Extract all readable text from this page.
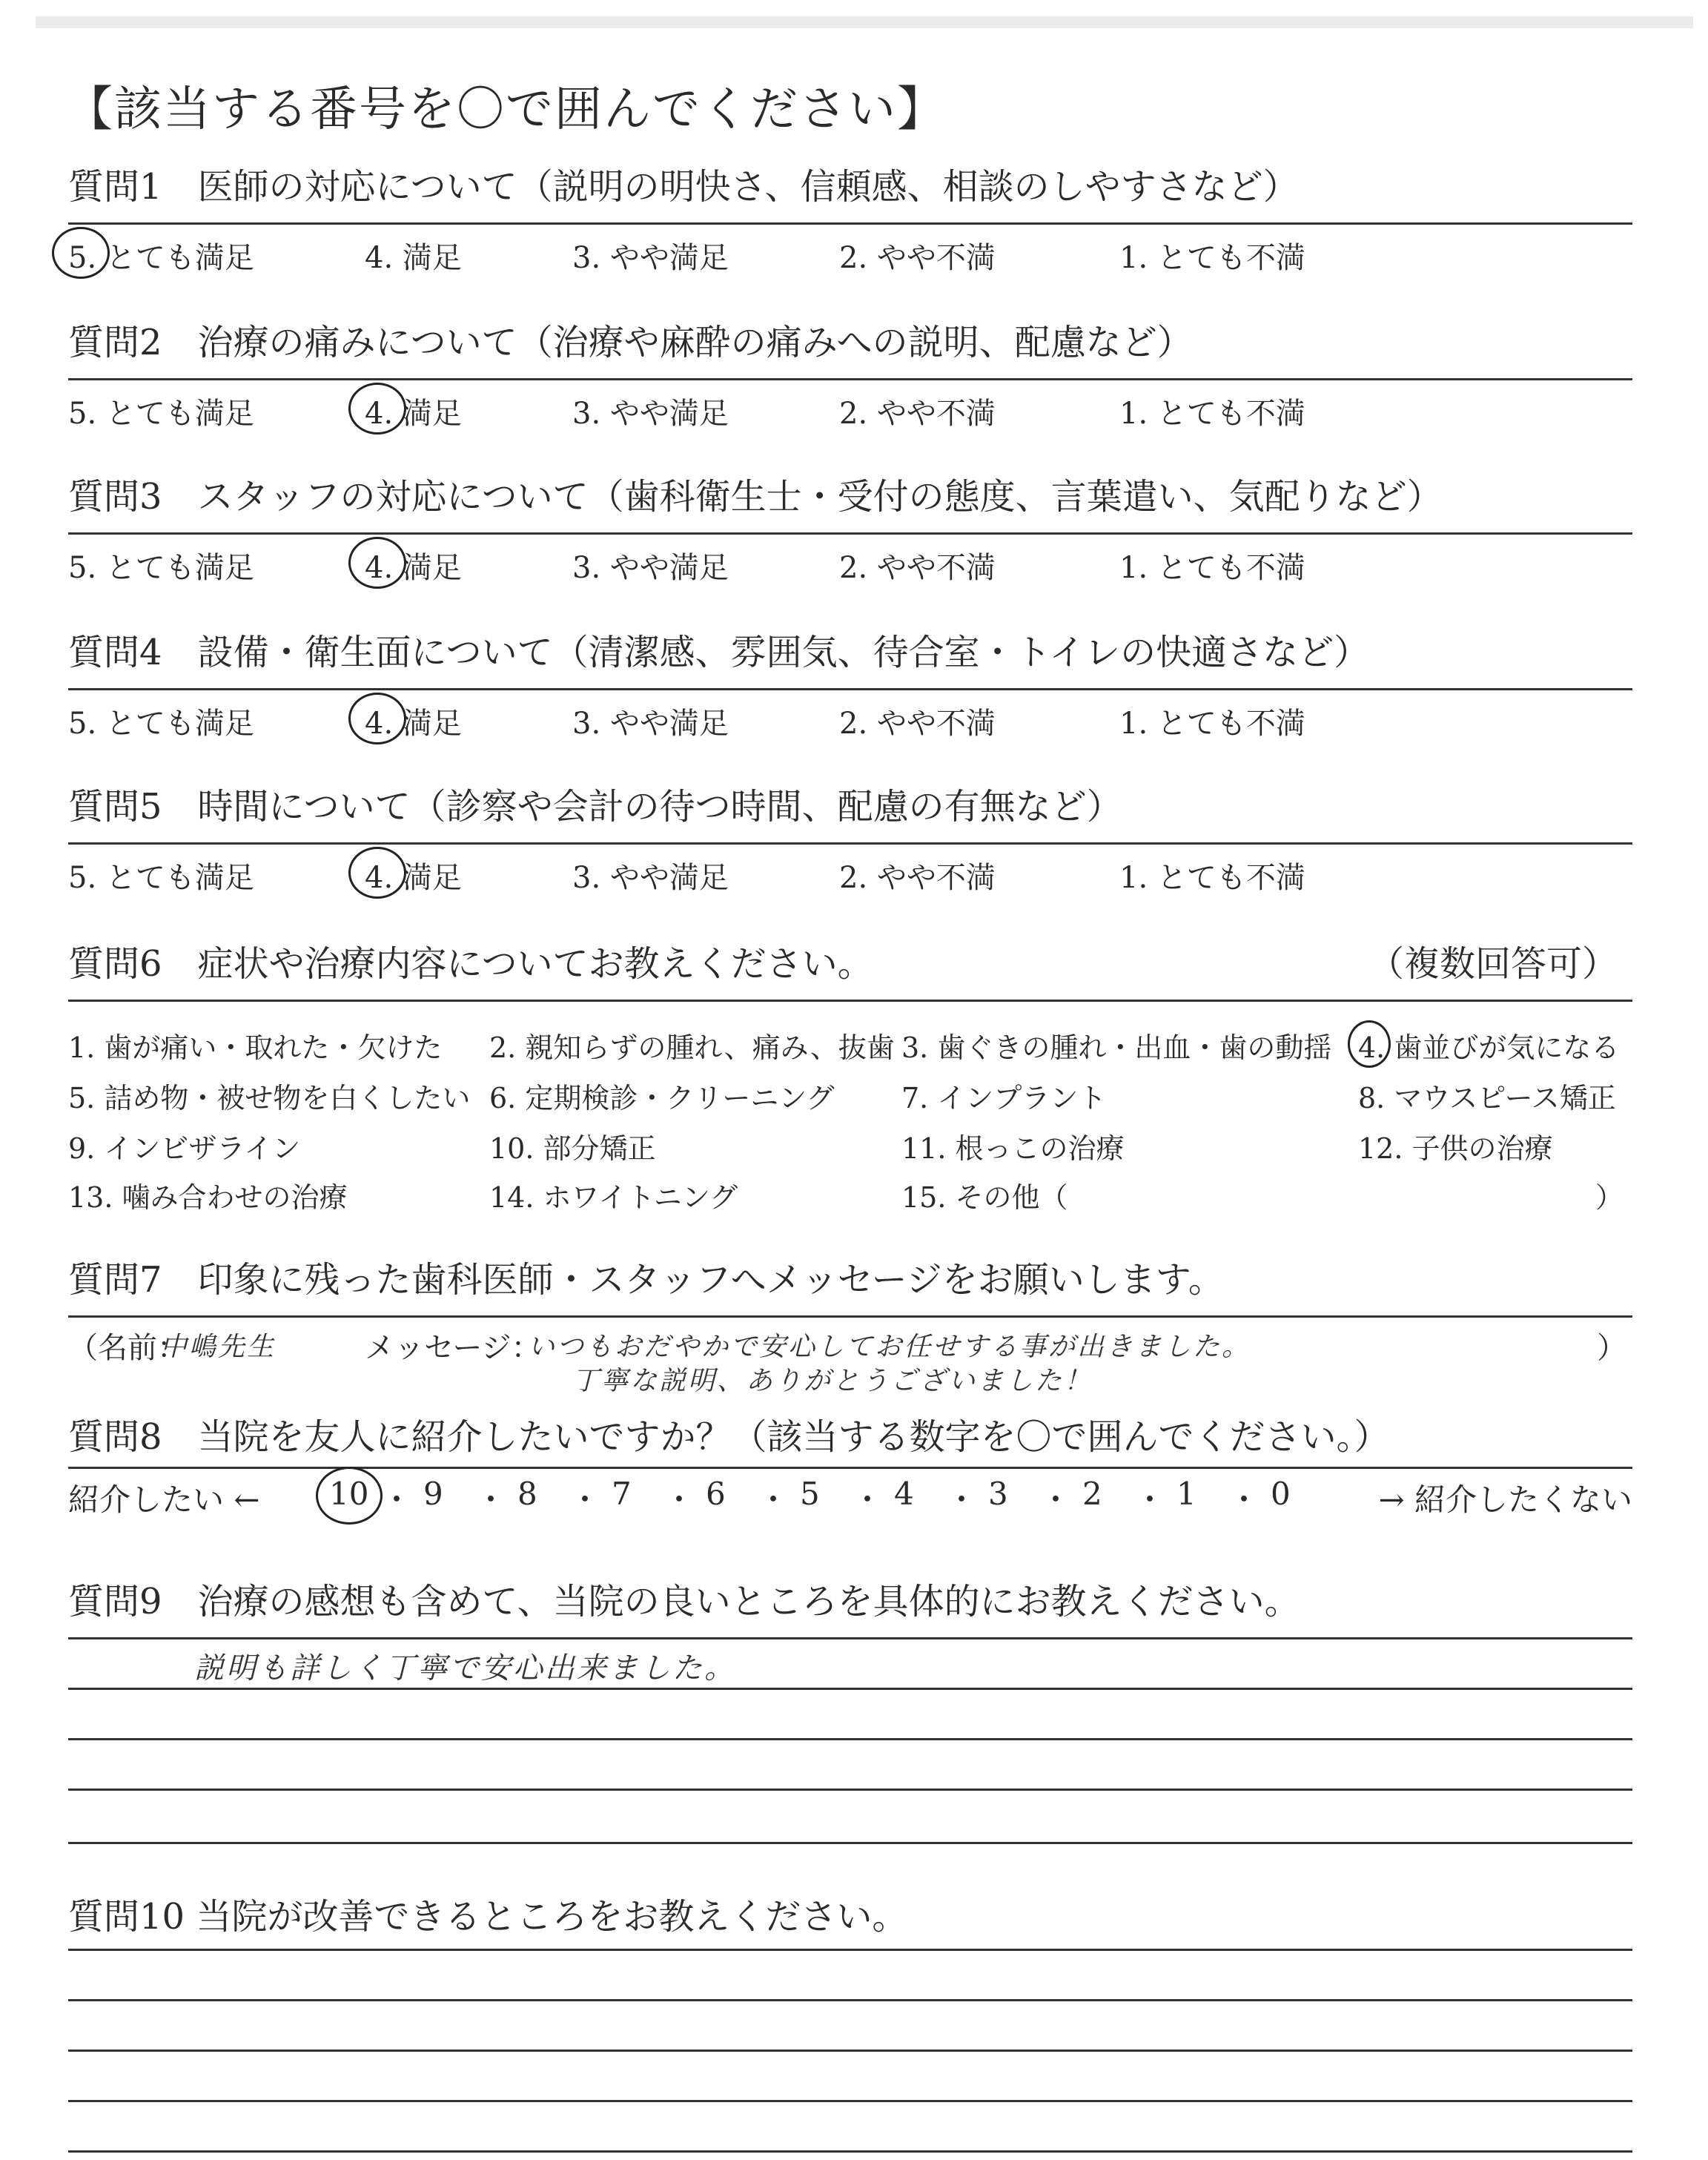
【該当する番号を〇で囲んでください】
質問1　医師の対応について（説明の明快さ、信頼感、相談のしやすさなど）
5. とても満足	4. 満足	3. やや満足	2. やや不満	1. とても不満
質問2　治療の痛みについて（治療や麻酔の痛みへの説明、配慮など）
5. とても満足	4. 満足	3. やや満足	2. やや不満	1. とても不満
質問3　スタッフの対応について（歯科衛生士・受付の態度、言葉遣い、気配りなど）
5. とても満足	4. 満足	3. やや満足	2. やや不満	1. とても不満
質問4　設備・衛生面について（清潔感、雰囲気、待合室・トイレの快適さなど）
5. とても満足	4. 満足	3. やや満足	2. やや不満	1. とても不満
質問5　時間について（診察や会計の待つ時間、配慮の有無など）
5. とても満足	4. 満足	3. やや満足	2. やや不満	1. とても不満
質問6　症状や治療内容についてお教えください。	（複数回答可）
1. 歯が痛い・取れた・欠けた 2. 親知らずの腫れ、痛み、抜歯 3. 歯ぐきの腫れ・出血・歯の動揺 4. 歯並びが気になる
5. 詰め物・被せ物を白くしたい 6. 定期検診・クリーニング 7. インプラント	8. マウスピース矯正
9. インビザライン	10. 部分矯正	11. 根っこの治療	12. 子供の治療
13. 噛み合わせの治療	14. ホワイトニング	15. その他（	）
質問7　印象に残った歯科医師・スタッフへメッセージをお願いします。
（名前：
中嶋先生	メッセージ：
いつもおだやかで安心してお任せする事が出きました。
丁寧な説明、ありがとうございました！
）
質問8　当院を友人に紹介したいですか？（該当する数字を〇で囲んでください。）
紹介したい ← 10 ・ 9 ・ 8 ・ 7 ・ 6 ・ 5 ・ 4 ・ 3 ・ 2 ・ 1 ・ 0	→ 紹介したくない
質問9　治療の感想も含めて、当院の良いところを具体的にお教えください。
説明も詳しく丁寧で安心出来ました。
質問10 当院が改善できるところをお教えください。
